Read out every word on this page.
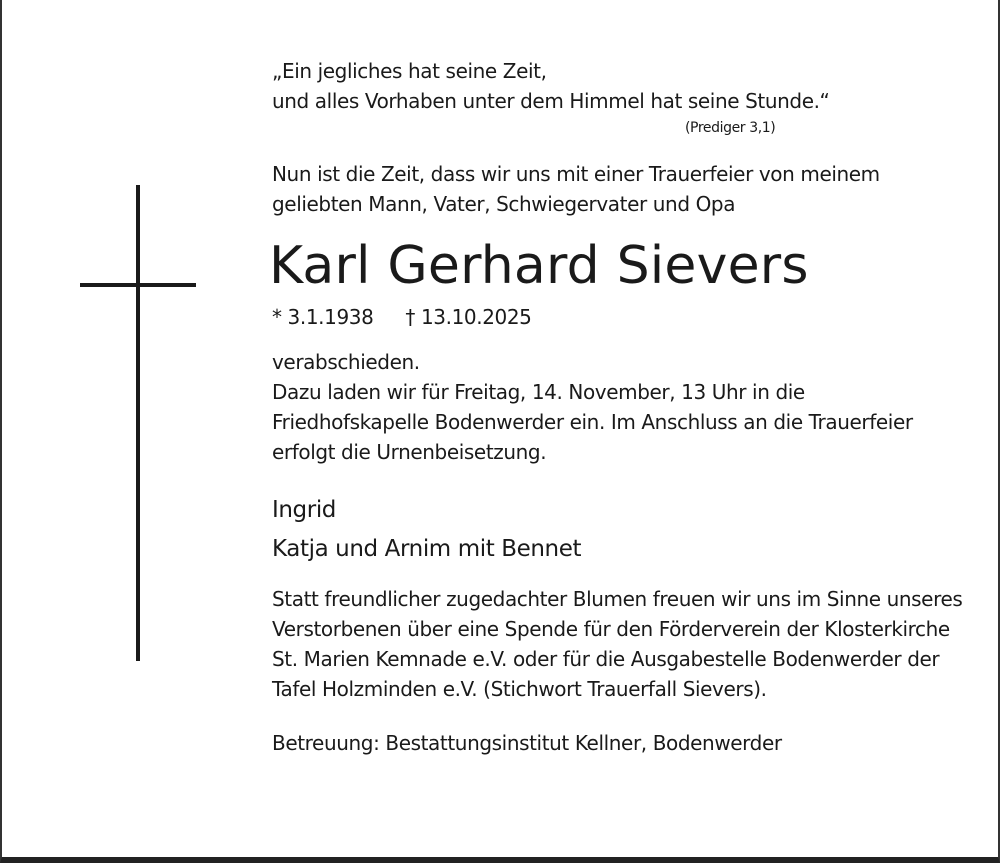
„Ein jegliches hat seine Zeit,

und alles Vorhaben unter dem Himmel hat seine Stunde.“

(Prediger 3,1)

Nun ist die Zeit, dass wir uns mit einer Trauerfeier von meinem

geliebten Mann, Vater, Schwiegervater und Opa

Karl Gerhard Sievers

* 3.1.1938 † 13.10.2025

verabschieden.

Dazu laden wir für Freitag, 14. November, 13 Uhr in die

Friedhofskapelle Bodenwerder ein. Im Anschluss an die Trauerfeier

erfolgt die Urnenbeisetzung.

Ingrid

Katja und Arnim mit Bennet

Statt freundlicher zugedachter Blumen freuen wir uns im Sinne unseres

Verstorbenen über eine Spende für den Förderverein der Klosterkirche

St. Marien Kemnade e.V. oder für die Ausgabestelle Bodenwerder der

Tafel Holzminden e.V. (Stichwort Trauerfall Sievers).

Betreuung: Bestattungsinstitut Kellner, Bodenwerder
